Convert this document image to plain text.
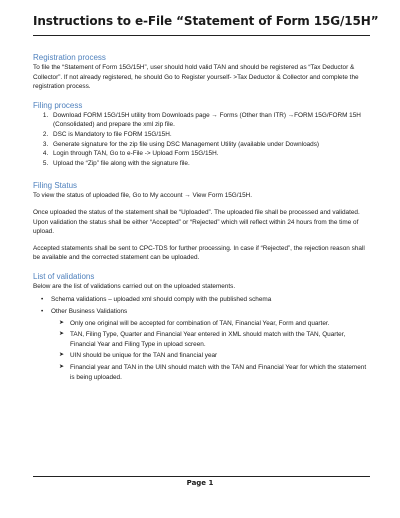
Instructions to e-File “Statement of Form 15G/15H”

Registration process

To file the “Statement of Form 15G/15H”, user should hold valid TAN and should be registered as “Tax Deductor & Collector”. If not already registered, he should Go to Register yourself- >Tax Deductor & Collector and complete the registration process.

Filing process

1. Download FORM 15G/15H utility from Downloads page → Forms (Other than ITR) →FORM 15G/FORM 15H (Consolidated) and prepare the xml zip file.
2. DSC is Mandatory to file FORM 15G/15H.
3. Generate signature for the zip file using DSC Management Utility (available under Downloads)
4. Login through TAN, Go to e-File -> Upload Form 15G/15H.
5. Upload the “Zip” file along with the signature file.

Filing Status

To view the status of uploaded file, Go to My account → View Form 15G/15H.

Once uploaded the status of the statement shall be “Uploaded”. The uploaded file shall be processed and validated. Upon validation the status shall be either “Accepted” or “Rejected” which will reflect within 24 hours from the time of upload.

Accepted statements shall be sent to CPC-TDS for further processing. In case if “Rejected”, the rejection reason shall be available and the corrected statement can be uploaded.

List of validations

Below are the list of validations carried out on the uploaded statements.

• Schema validations – uploaded xml should comply with the published schema
• Other Business Validations
➤ Only one original will be accepted for combination of TAN, Financial Year, Form and quarter.
➤ TAN, Filing Type, Quarter and Financial Year entered in XML should match with the TAN, Quarter, Financial Year and Filing Type in upload screen.
➤ UIN should be unique for the TAN and financial year
➤ Financial year and TAN in the UIN should match with the TAN and Financial Year for which the statement is being uploaded.
Page 1
